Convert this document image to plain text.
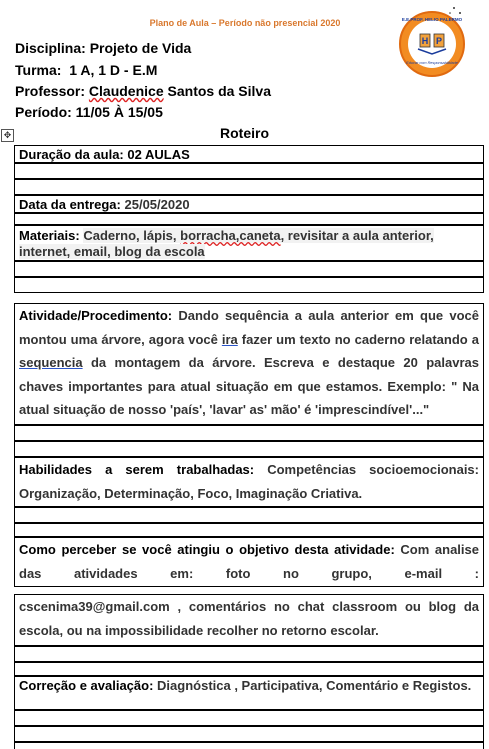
Plano de Aula – Período não presencial 2020
H P
E.E.PROF. HELIO PALERMO
Educar com Responsabilidade
Disciplina: Projeto de Vida
Turma: 1 A, 1 D - E.M
Professor: Claudenice Santos da Silva
Período: 11/05 À 15/05
✥	Roteiro
Duração da aula: 02 AULAS
Data da entrega: 25/05/2020
Materiais: Caderno, lápis, borracha,caneta, revisitar a aula anterior, internet, email, blog da escola
Atividade/Procedimento: Dando sequência a aula anterior em que você montou uma árvore, agora você ira fazer um texto no caderno relatando a sequencia da montagem da árvore. Escreva e destaque 20 palavras chaves importantes para atual situação em que estamos. Exemplo: " Na atual situação de nosso 'país', 'lavar' as' mão' é 'imprescindível'..."
Habilidades a serem trabalhadas: Competências socioemocionais: Organização, Determinação, Foco, Imaginação Criativa.
Como perceber se você atingiu o objetivo desta atividade: Com analise das atividades em: foto no grupo, e-mail :
cscenima39@gmail.com , comentários no chat classroom ou blog da escola, ou na impossibilidade recolher no retorno escolar.
Correção e avaliação: Diagnóstica , Participativa, Comentário e Registos.
